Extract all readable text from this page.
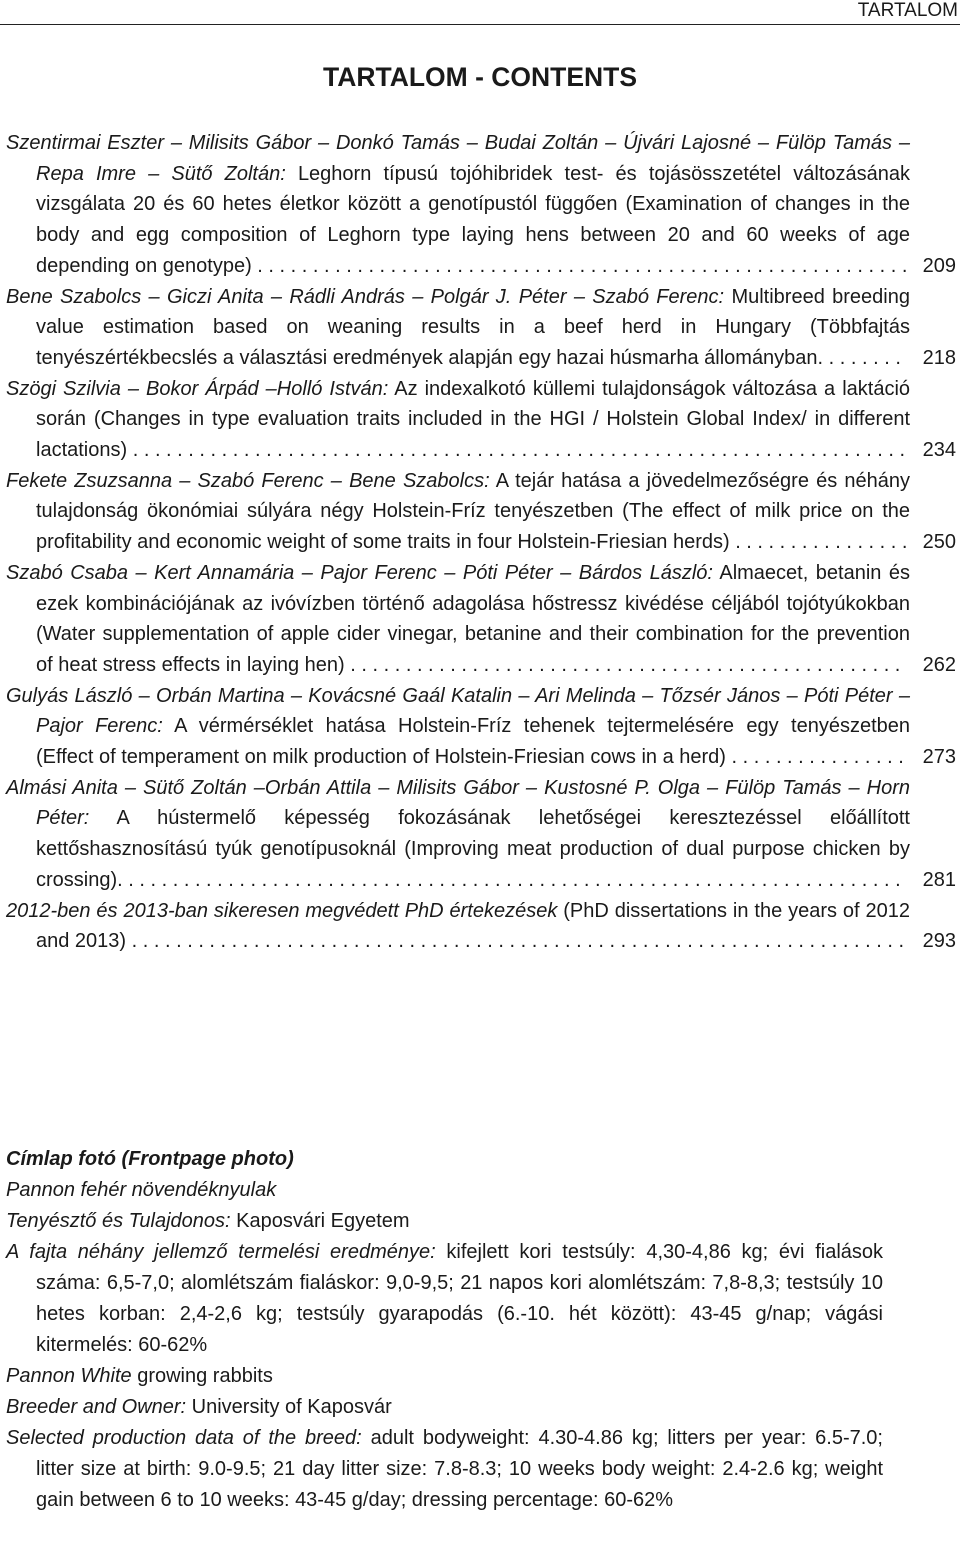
TARTALOM
TARTALOM - CONTENTS
Szentirmai Eszter – Milisits Gábor – Donkó Tamás – Budai Zoltán – Újvári Lajosné – Fülöp Tamás – Repa Imre – Sütő Zoltán: Leghorn típusú tojóhibridek test- és tojásösszetétel változásának vizsgálata 20 és 60 hetes életkor között a genotípustól függően (Examination of changes in the body and egg composition of Leghorn type laying hens between 20 and 60 weeks of age depending on genotype) . . . . . . . . . . . . . . . . . . . . . . . . . . . . . . . . . . . . . . . . . . . . . . . . . . . . . . . . . . . 209
Bene Szabolcs – Giczi Anita – Rádli András – Polgár J. Péter – Szabó Ferenc: Multibreed breeding value estimation based on weaning results in a beef herd in Hungary (Többfajtás tenyészértékbecslés a választási eredmények alapján egy hazai húsmarha állományban. . . . . . . .	218
Szögi Szilvia – Bokor Árpád –Holló István: Az indexalkotó küllemi tulajdonságok változása a laktáció során (Changes in type evaluation traits included in the HGI / Holstein Global Index/ in different lactations) . . . . . . . . . . . . . . . . . . . . . . . . . . . . . . . . . . . . . . . . . . . . . . . . . . . . . . . . . . . . . . . . . . . . . . 234
Fekete Zsuzsanna – Szabó Ferenc – Bene Szabolcs: A tejár hatása a jövedelmezőségre és néhány tulajdonság ökonómiai súlyára négy Holstein-Fríz tenyészetben (The effect of milk price on the profitability and economic weight of some traits in four Holstein-Friesian herds) . . . . . . . . . . . . . . . . 250
Szabó Csaba – Kert Annamária – Pajor Ferenc – Póti Péter – Bárdos László: Almaecet, betanin és ezek kombinációjának az ivóvízben történő adagolása hőstressz kivédése céljából tojótyúkokban (Water supplementation of apple cider vinegar, betanine and their combination for the prevention of heat stress effects in laying hen) . . . . . . . . . . . . . . . . . . . . . . . . . . . . . . . . . . . . . . . . . . . . . . . . . .	262
Gulyás László – Orbán Martina – Kovácsné Gaál Katalin – Ari Melinda – Tőzsér János – Póti Péter – Pajor Ferenc: A vérmérséklet hatása Holstein-Fríz tehenek tejtermelésére egy tenyészetben (Effect of temperament on milk production of Holstein-Friesian cows in a herd) . . . . . . . . . . . . . . . . 273
Almási Anita – Sütő Zoltán –Orbán Attila – Milisits Gábor – Kustosné P. Olga – Fülöp Tamás – Horn Péter: A hústermelő képesség fokozásának lehetőségei keresztezéssel előállított kettőshasznosítású tyúk genotípusoknál (Improving meat production of dual purpose chicken by crossing). . . . . . . . . . . . . . . . . . . . . . . . . . . . . . . . . . . . . . . . . . . . . . . . . . . . . . . . . . . . . . . . . . . . . . .	281
2012-ben és 2013-ban sikeresen megvédett PhD értekezések (PhD dissertations in the years of 2012 and 2013) . . . . . . . . . . . . . . . . . . . . . . . . . . . . . . . . . . . . . . . . . . . . . . . . . . . . . . . . . . . . . . . . . . . . . . 293

Címlap fotó (Frontpage photo)

Pannon fehér növendéknyulak

Tenyésztő és Tulajdonos: Kaposvári Egyetem

A fajta néhány jellemző termelési eredménye: kifejlett kori testsúly: 4,30-4,86 kg; évi fialások száma: 6,5-7,0; alomlétszám fialáskor: 9,0-9,5; 21 napos kori alomlétszám: 7,8-8,3; testsúly 10 hetes korban: 2,4-2,6 kg; testsúly gyarapodás (6.-10. hét között): 43-45 g/nap; vágási kitermelés: 60-62%

Pannon White growing rabbits

Breeder and Owner: University of Kaposvár

Selected production data of the breed: adult bodyweight: 4.30-4.86 kg; litters per year: 6.5-7.0; litter size at birth: 9.0-9.5; 21 day litter size: 7.8-8.3; 10 weeks body weight: 2.4-2.6 kg; weight gain between 6 to 10 weeks: 43-45 g/day; dressing percentage: 60-62%
